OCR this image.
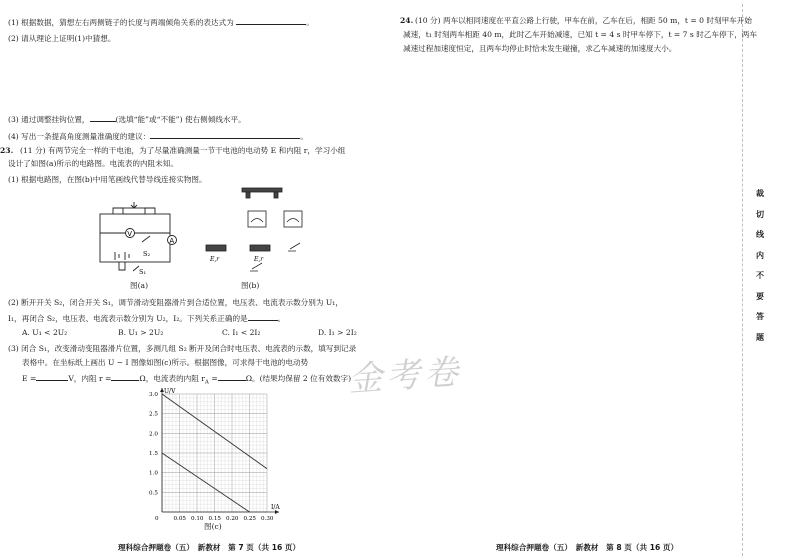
(1) 根据数据，猜想左右两侧链子的长度与两端倾角关系的表达式为	。
(2) 请从理论上证明(1)中猜想。
(3) 通过调整挂钩位置，	(选填“能”或“不能”) 使右侧倾线水平。
(4) 写出一条提高角度测量准确度的建议：	。
23. (11 分) 有两节完全一样的干电池，为了尽量准确测量一节干电池的电动势 E 和内阻 r，学习小组
设计了如图(a)所示的电路图。电流表的内阻未知。
(1) 根据电路图，在图(b)中用笔画线代替导线连接实物图。
V
A
S₂
S₁
图(a)
E,r	E,r
图(b)
(2) 断开开关 S₂，闭合开关 S₁，调节滑动变阻器滑片到合适位置，电压表、电流表示数分别为 U₁，
I₁，再闭合 S₂，电压表、电流表示数分别为 U₂，I₂。下列关系正确的是	。
A. U₁ < 2U₂	B. U₁ > 2U₂	C. I₁ < 2I₂	D. I₁ > 2I₂
(3) 闭合 S₁，改变滑动变阻器滑片位置，多测几组 S₂ 断开及闭合时电压表、电流表的示数，填写到记录
表格中。在坐标纸上画出 U − I 图像如图(c)所示。根据图像，可求得干电池的电动势
E =	V，内阻 r =	Ω，电流表的内阻 $r_A$ =	Ω。(结果均保留 2 位有效数字)
0.05 0.10 0.15 0.20 0.25 0.30
0.5
1.0
1.5
2.0
2.5
3.0
0
I/A
U/V
图(c)
理科综合押题卷（五）　新教材　第 7 页（共 16 页）
24. (10 分) 两车以相同速度在平直公路上行驶，甲车在前，乙车在后，相距 50 m，t = 0 时刻甲车开始
减速，t₁ 时刻两车相距 40 m，此时乙车开始减速，已知 t = 4 s 时甲车停下，t = 7 s 时乙车停下，两车
减速过程加速度恒定，且两车均停止时恰未发生碰撞，求乙车减速的加速度大小。
理科综合押题卷（五）　新教材　第 8 页（共 16 页）
裁
切
线
内
不
要
答
题
金考卷
